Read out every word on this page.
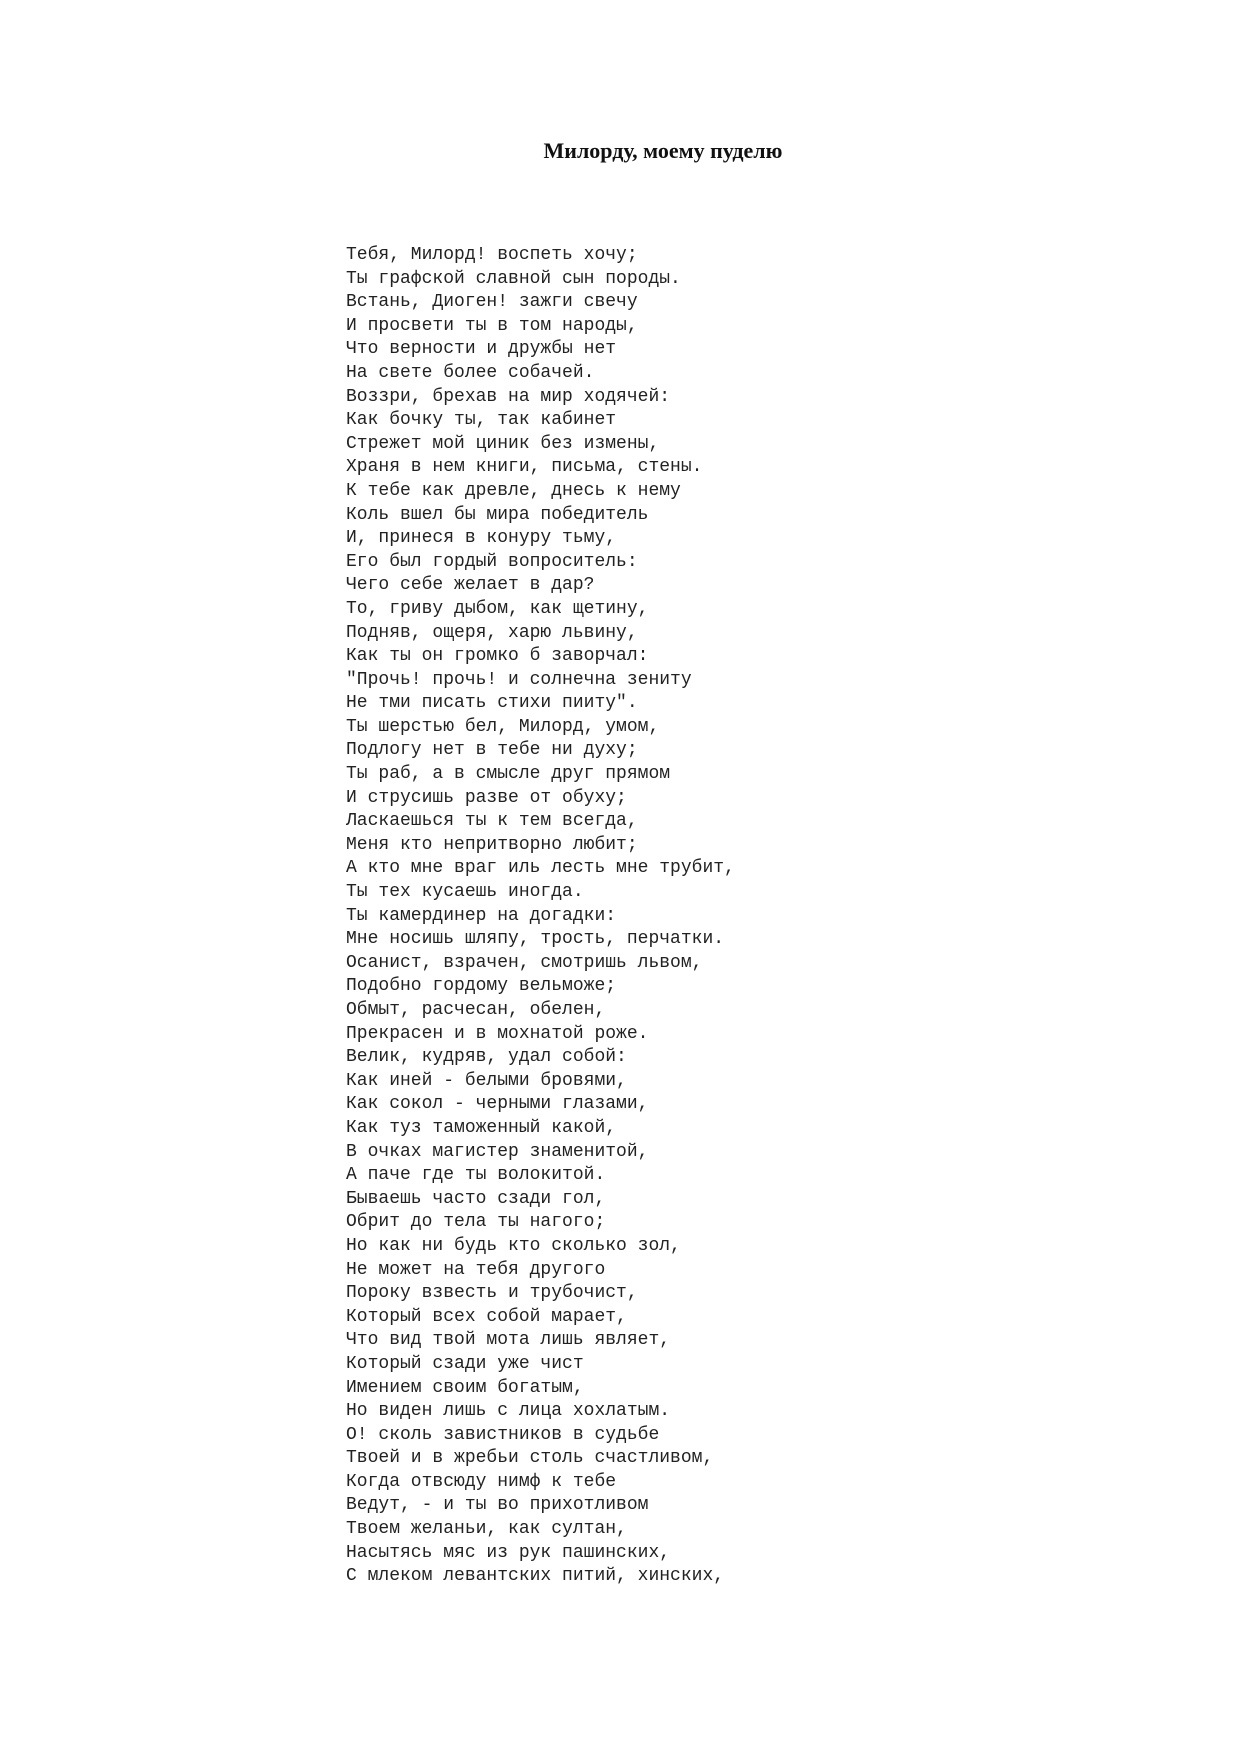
Милорду, моему пуделю
Тебя, Милорд! воспеть хочу;
Ты графской славной сын породы.
Встань, Диоген! зажги свечу
И просвети ты в том народы,
Что верности и дружбы нет
На свете более собачей.
Воззри, брехав на мир ходячей:
Как бочку ты, так кабинет
Стрежет мой циник без измены,
Храня в нем книги, письма, стены.
К тебе как древле, днесь к нему
Коль вшел бы мира победитель
И, принеся в конуру тьму,
Его был гордый вопроситель:
Чего себе желает в дар?
То, гриву дыбом, как щетину,
Подняв, ощеря, харю львину,
Как ты он громко б заворчал:
"Прочь! прочь! и солнечна зениту
Не тми писать стихи пииту".
Ты шерстью бел, Милорд, умом,
Подлогу нет в тебе ни духу;
Ты раб, а в смысле друг прямом
И струсишь разве от обуху;
Ласкаешься ты к тем всегда,
Меня кто непритворно любит;
А кто мне враг иль лесть мне трубит,
Ты тех кусаешь иногда.
Ты камердинер на догадки:
Мне носишь шляпу, трость, перчатки.
Осанист, взрачен, смотришь львом,
Подобно гордому вельможе;
Обмыт, расчесан, обелен,
Прекрасен и в мохнатой роже.
Велик, кудряв, удал собой:
Как иней - белыми бровями,
Как сокол - черными глазами,
Как туз таможенный какой,
В очках магистер знаменитой,
А паче где ты волокитой.
Бываешь часто сзади гол,
Обрит до тела ты нагого;
Но как ни будь кто сколько зол,
Не может на тебя другого
Пороку взвесть и трубочист,
Который всех собой марает,
Что вид твой мота лишь являет,
Который сзади уже чист
Имением своим богатым,
Но виден лишь с лица хохлатым.
О! сколь завистников в судьбе
Твоей и в жребьи столь счастливом,
Когда отвсюду нимф к тебе
Ведут, - и ты во прихотливом
Твоем желаньи, как султан,
Насытясь мяс из рук пашинских,
С млеком левантских питий, хинских,
